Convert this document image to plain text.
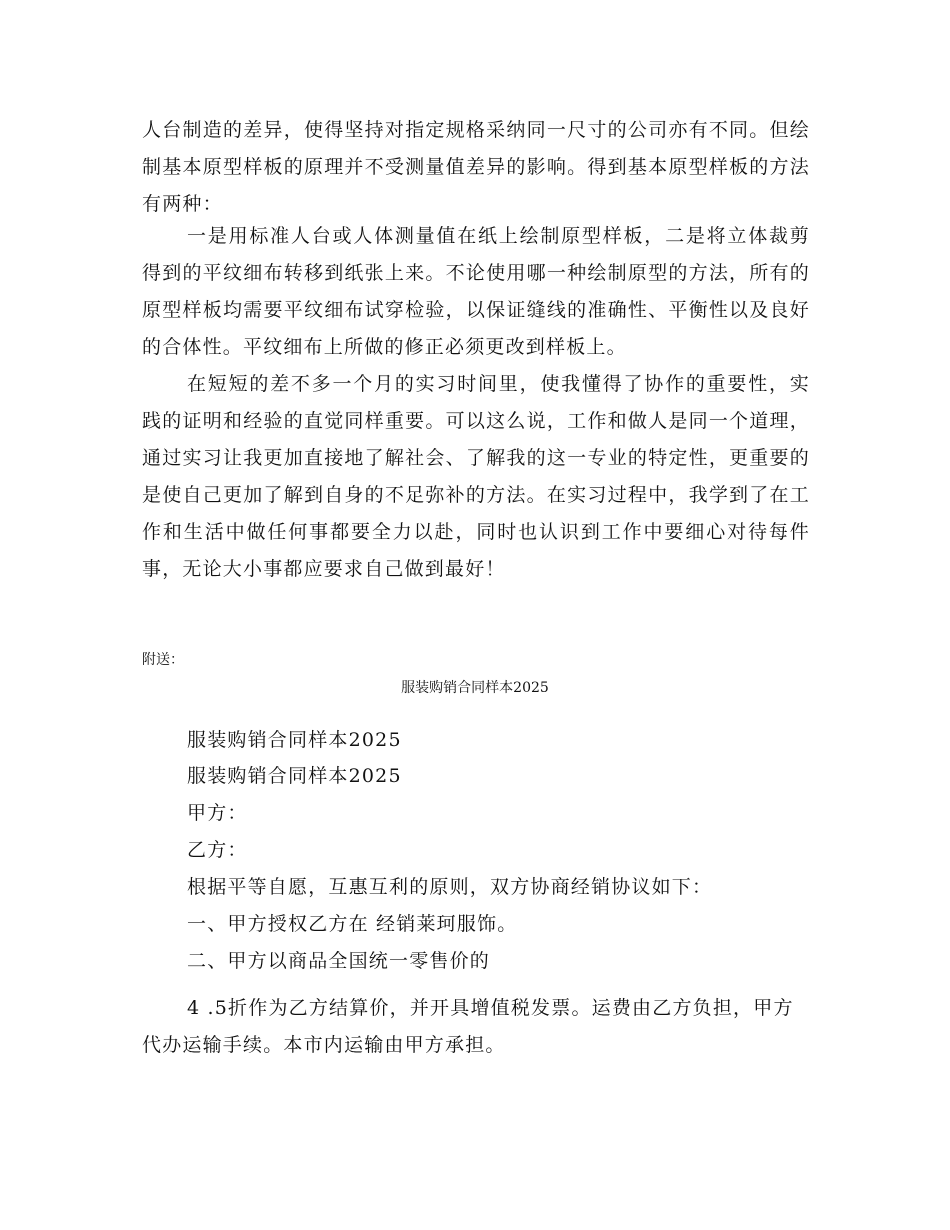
人台制造的差异，使得坚持对指定规格采纳同一尺寸的公司亦有不同。但绘制基本原型样板的原理并不受测量值差异的影响。得到基本原型样板的方法有两种：

一是用标准人台或人体测量值在纸上绘制原型样板，二是将立体裁剪得到的平纹细布转移到纸张上来。不论使用哪一种绘制原型的方法，所有的原型样板均需要平纹细布试穿检验，以保证缝线的准确性、平衡性以及良好的合体性。平纹细布上所做的修正必须更改到样板上。

在短短的差不多一个月的实习时间里，使我懂得了协作的重要性，实践的证明和经验的直觉同样重要。可以这么说，工作和做人是同一个道理，通过实习让我更加直接地了解社会、了解我的这一专业的特定性，更重要的是使自己更加了解到自身的不足弥补的方法。在实习过程中，我学到了在工作和生活中做任何事都要全力以赴，同时也认识到工作中要细心对待每件事，无论大小事都应要求自己做到最好！

附送：
服装购销合同样本2025
服装购销合同样本2025
服装购销合同样本2025
甲方：
乙方：
根据平等自愿，互惠互利的原则，双方协商经销协议如下：
一、甲方授权乙方在 经销莱珂服饰。
二、甲方以商品全国统一零售价的

4 .5折作为乙方结算价，并开具增值税发票。运费由乙方负担，甲方代办运输手续。本市内运输由甲方承担。
